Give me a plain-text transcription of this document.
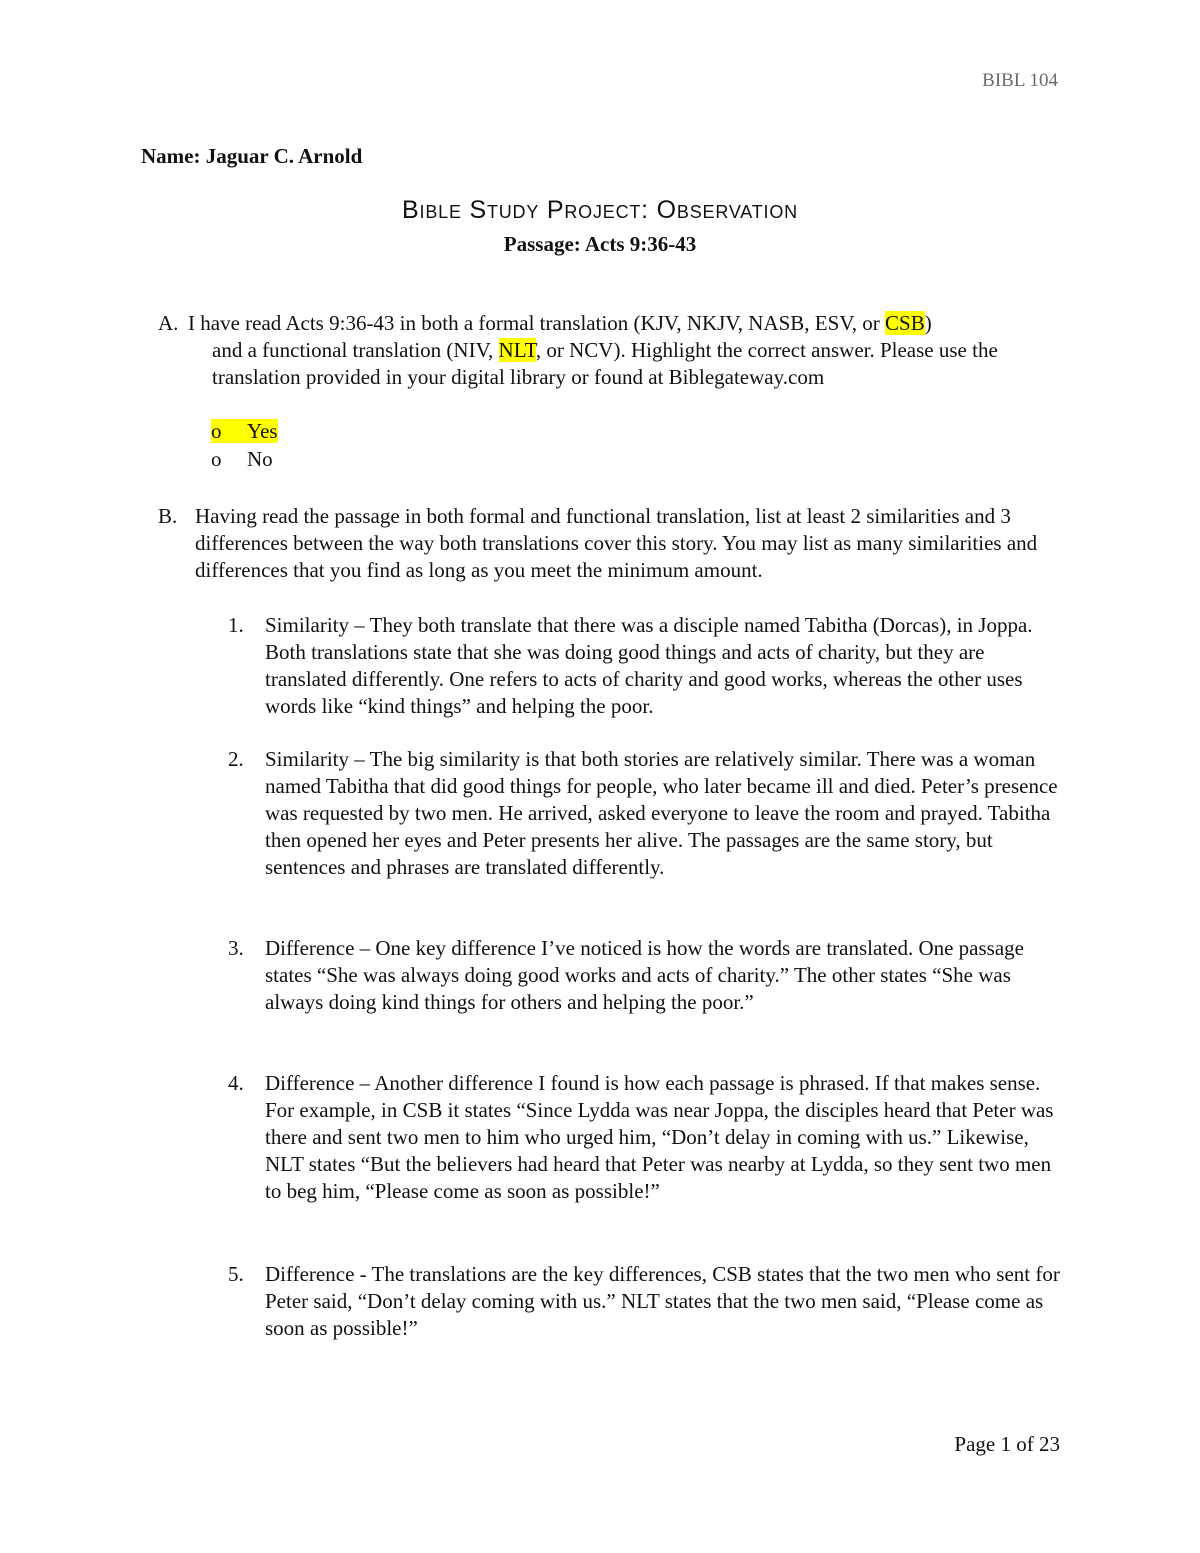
BIBL 104
Name: Jaguar C. Arnold
Bible Study Project: Observation
Passage: Acts 9:36-43
A. I have read Acts 9:36-43 in both a formal translation (KJV, NKJV, NASB, ESV, or CSB)
and a functional translation (NIV, NLT, or NCV). Highlight the correct answer. Please use the translation provided in your digital library or found at Biblegateway.com
o Yes
o No
B. Having read the passage in both formal and functional translation, list at least 2 similarities and 3 differences between the way both translations cover this story. You may list as many similarities and differences that you find as long as you meet the minimum amount.
1. Similarity – They both translate that there was a disciple named Tabitha (Dorcas), in Joppa. Both translations state that she was doing good things and acts of charity, but they are translated differently. One refers to acts of charity and good works, whereas the other uses words like “kind things” and helping the poor.
2. Similarity – The big similarity is that both stories are relatively similar. There was a woman named Tabitha that did good things for people, who later became ill and died. Peter’s presence was requested by two men. He arrived, asked everyone to leave the room and prayed. Tabitha then opened her eyes and Peter presents her alive. The passages are the same story, but sentences and phrases are translated differently.
3. Difference – One key difference I’ve noticed is how the words are translated. One passage states “She was always doing good works and acts of charity.” The other states “She was always doing kind things for others and helping the poor.”
4. Difference – Another difference I found is how each passage is phrased. If that makes sense. For example, in CSB it states “Since Lydda was near Joppa, the disciples heard that Peter was there and sent two men to him who urged him, “Don’t delay in coming with us.” Likewise, NLT states “But the believers had heard that Peter was nearby at Lydda, so they sent two men to beg him, “Please come as soon as possible!”
5. Difference - The translations are the key differences, CSB states that the two men who sent for Peter said, “Don’t delay coming with us.” NLT states that the two men said, “Please come as soon as possible!”
Page 1 of 23
